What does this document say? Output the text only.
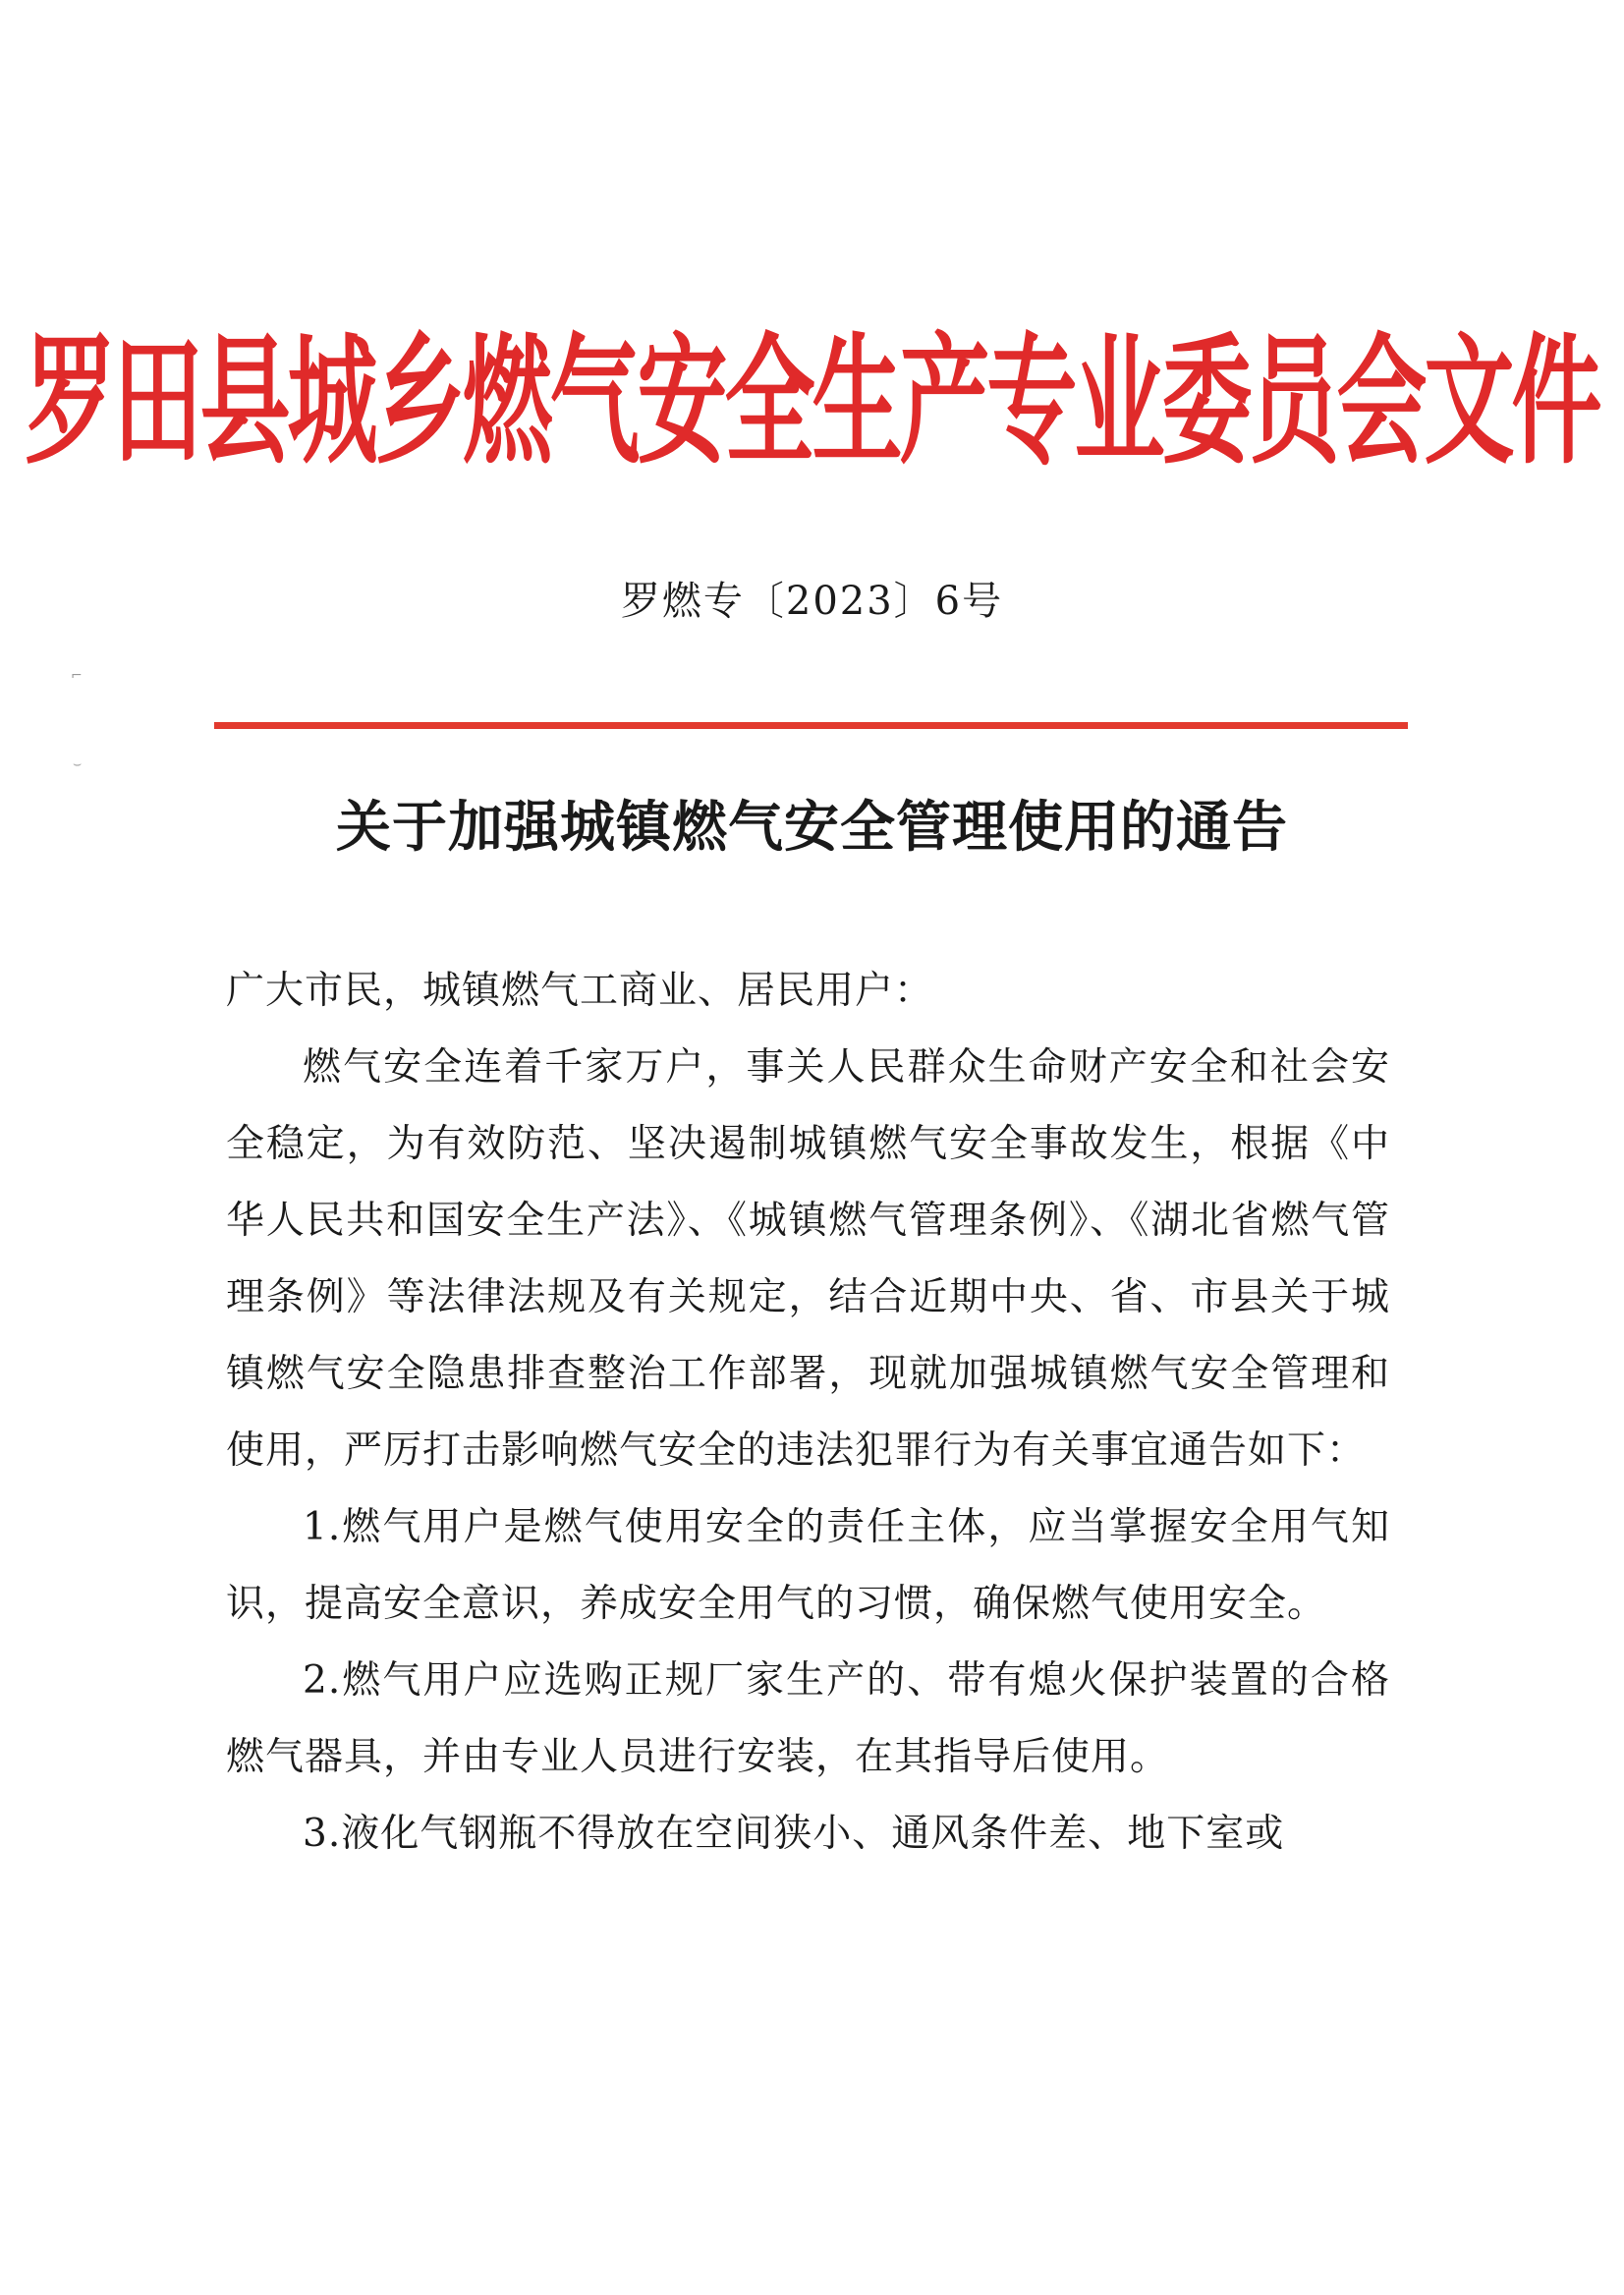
⌐
⌣
罗田县城乡燃气安全生产专业委员会文件
罗燃专〔2023〕6号
关于加强城镇燃气安全管理使用的通告

广大市民，城镇燃气工商业、居民用户：

燃气安全连着千家万户，事关人民群众生命财产安全和社会安全稳定，为有效防范、坚决遏制城镇燃气安全事故发生，根据《中华人民共和国安全生产法》、《城镇燃气管理条例》、《湖北省燃气管理条例》等法律法规及有关规定，结合近期中央、省、市县关于城镇燃气安全隐患排查整治工作部署，现就加强城镇燃气安全管理和使用，严厉打击影响燃气安全的违法犯罪行为有关事宜通告如下：

1.燃气用户是燃气使用安全的责任主体，应当掌握安全用气知识，提高安全意识，养成安全用气的习惯，确保燃气使用安全。

2.燃气用户应选购正规厂家生产的、带有熄火保护装置的合格燃气器具，并由专业人员进行安装，在其指导后使用。

3.液化气钢瓶不得放在空间狭小、通风条件差、地下室或
